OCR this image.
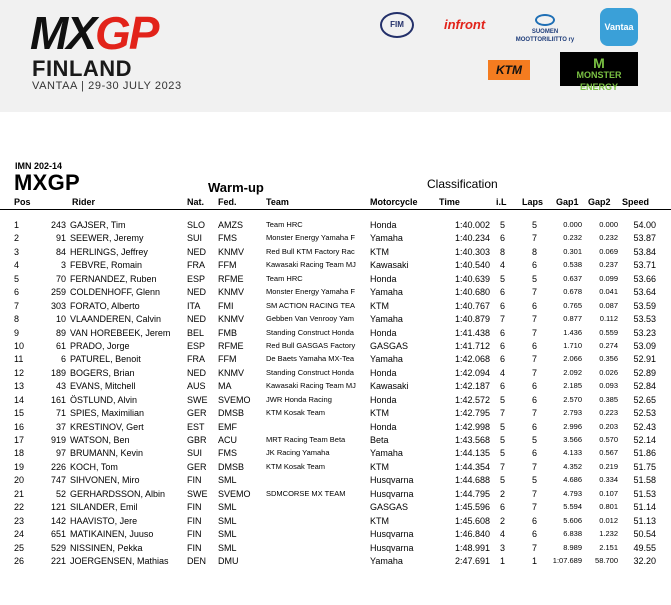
MXGP
FINLAND
VANTAA | 29-30 JULY 2023
FIM	infront	SUOMEN MOOTTORILIITTO ry
Vantaa
KTM	M
MONSTER ENERGY
IMN 202-14
MXGP	Warm-up	Classification
Pos	Rider	Nat. Fed.	Team	Motorcycle Time	i.L Laps Gap1 Gap2 Speed
1	243 GAJSER, Tim	SLO	AMZS	Team HRC	Honda	1:40.002 5	5	0.000	0.000	54.00
2	91 SEEWER, Jeremy	SUI	FMS	Monster Energy Yamaha F	Yamaha	1:40.234 6	7	0.232	0.232	53.87
3	84 HERLINGS, Jeffrey	NED	KNMV	Red Bull KTM Factory Rac	KTM	1:40.303 8	8	0.301	0.069	53.84
4	3 FEBVRE, Romain	FRA	FFM	Kawasaki Racing Team MJ	Kawasaki	1:40.540 4	6	0.538	0.237	53.71
5	70 FERNANDEZ, Ruben	ESP	RFME	Team HRC	Honda	1:40.639 5	5	0.637	0.099	53.66
6	259 COLDENHOFF, Glenn	NED	KNMV	Monster Energy Yamaha F	Yamaha	1:40.680 6	7	0.678	0.041	53.64
7	303 FORATO, Alberto	ITA	FMI	SM ACTION RACING TEA	KTM	1:40.767 6	6	0.765	0.087	53.59
8	10 VLAANDEREN, Calvin	NED	KNMV	Gebben Van Venrooy Yam	Yamaha	1:40.879 7	7	0.877	0.112	53.53
9	89 VAN HOREBEEK, Jerem	BEL	FMB	Standing Construct Honda	Honda	1:41.438 6	7	1.436	0.559	53.23
10	61 PRADO, Jorge	ESP	RFME	Red Bull GASGAS Factory	GASGAS	1:41.712 6	6	1.710	0.274	53.09
11	6 PATUREL, Benoit	FRA	FFM	De Baets Yamaha MX-Tea	Yamaha	1:42.068 6	7	2.066	0.356	52.91
12	189 BOGERS, Brian	NED	KNMV	Standing Construct Honda	Honda	1:42.094 4	7	2.092	0.026	52.89
13	43 EVANS, Mitchell	AUS	MA	Kawasaki Racing Team MJ	Kawasaki	1:42.187 6	6	2.185	0.093	52.84
14	161 ÖSTLUND, Alvin	SWE	SVEMO	JWR Honda Racing	Honda	1:42.572 5	6	2.570	0.385	52.65
15	71 SPIES, Maximilian	GER	DMSB	KTM Kosak Team	KTM	1:42.795 7	7	2.793	0.223	52.53
16	37 KRESTINOV, Gert	EST	EMF	Honda	1:42.998 5	6	2.996	0.203	52.43
17	919 WATSON, Ben	GBR	ACU	MRT Racing Team Beta	Beta	1:43.568 5	5	3.566	0.570	52.14
18	97 BRUMANN, Kevin	SUI	FMS	JK Racing Yamaha	Yamaha	1:44.135 5	6	4.133	0.567	51.86
19	226 KOCH, Tom	GER	DMSB	KTM Kosak Team	KTM	1:44.354 7	7	4.352	0.219	51.75
20	747 SIHVONEN, Miro	FIN	SML	Husqvarna	1:44.688 5	5	4.686	0.334	51.58
21	52 GERHARDSSON, Albin	SWE	SVEMO	SDMCORSE MX TEAM	Husqvarna	1:44.795 2	7	4.793	0.107	51.53
22	121 SILANDER, Emil	FIN	SML	GASGAS	1:45.596 6	7	5.594	0.801	51.14
23	142 HAAVISTO, Jere	FIN	SML	KTM	1:45.608 2	6	5.606	0.012	51.13
24	651 MATIKAINEN, Juuso	FIN	SML	Husqvarna	1:46.840 4	6	6.838	1.232	50.54
25	529 NISSINEN, Pekka	FIN	SML	Husqvarna	1:48.991 3	7	8.989	2.151	49.55
26	221 JOERGENSEN, Mathias	DEN	DMU	Yamaha	2:47.691 1	1	1:07.689	58.700	32.20
